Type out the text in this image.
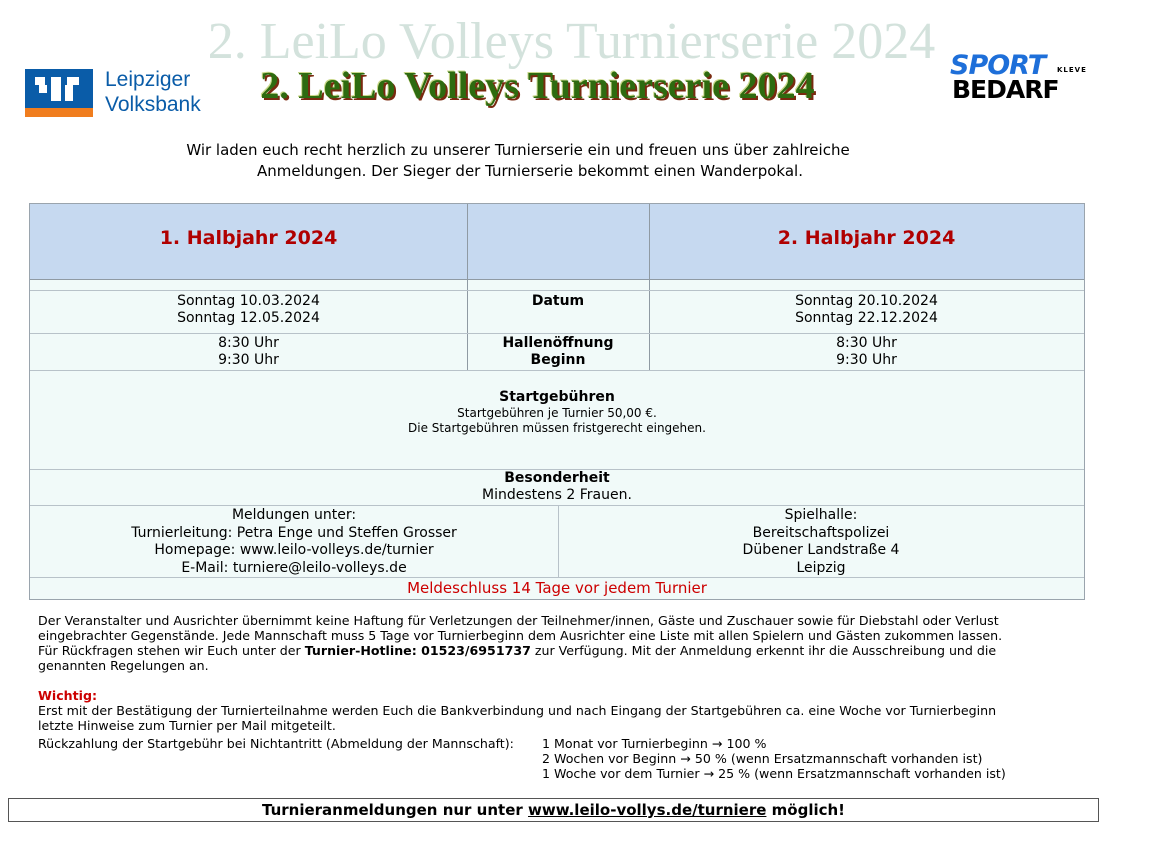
2. LeiLo Volleys Turnierserie 2024
2. LeiLo Volleys Turnierserie 2024
Leipziger
Volksbank
SPORT KLEVE
BEDARF
Wir laden euch recht herzlich zu unserer Turnierserie ein und freuen uns über zahlreiche
Anmeldungen. Der Sieger der Turnierserie bekommt einen Wanderpokal.
1. Halbjahr 2024	2. Halbjahr 2024
Sonntag 10.03.2024
Sonntag 12.05.2024
Datum	Sonntag 20.10.2024
Sonntag 22.12.2024
8:30 Uhr
9:30 Uhr
Hallenöffnung
Beginn
8:30 Uhr
9:30 Uhr
Startgebühren
Startgebühren je Turnier 50,00 €.
Die Startgebühren müssen fristgerecht eingehen.
Besonderheit
Mindestens 2 Frauen.
Meldungen unter:
Turnierleitung: Petra Enge und Steffen Grosser
Homepage: www.leilo-volleys.de/turnier
E-Mail: turniere@leilo-volleys.de
Spielhalle:
Bereitschaftspolizei
Dübener Landstraße 4
Leipzig
Meldeschluss 14 Tage vor jedem Turnier
Der Veranstalter und Ausrichter übernimmt keine Haftung für Verletzungen der Teilnehmer/innen, Gäste und Zuschauer sowie für Diebstahl oder Verlust
eingebrachter Gegenstände. Jede Mannschaft muss 5 Tage vor Turnierbeginn dem Ausrichter eine Liste mit allen Spielern und Gästen zukommen lassen.
Für Rückfragen stehen wir Euch unter der Turnier-Hotline: 01523/6951737 zur Verfügung. Mit der Anmeldung erkennt ihr die Ausschreibung und die
genannten Regelungen an.
Wichtig:
Erst mit der Bestätigung der Turnierteilnahme werden Euch die Bankverbindung und nach Eingang der Startgebühren ca. eine Woche vor Turnierbeginn
letzte Hinweise zum Turnier per Mail mitgeteilt.
Rückzahlung der Startgebühr bei Nichtantritt (Abmeldung der Mannschaft): 1 Monat vor Turnierbeginn → 100 %
2 Wochen vor Beginn → 50 % (wenn Ersatzmannschaft vorhanden ist)
1 Woche vor dem Turnier → 25 % (wenn Ersatzmannschaft vorhanden ist)
Turnieranmeldungen nur unter www.leilo-vollys.de/turniere möglich!
